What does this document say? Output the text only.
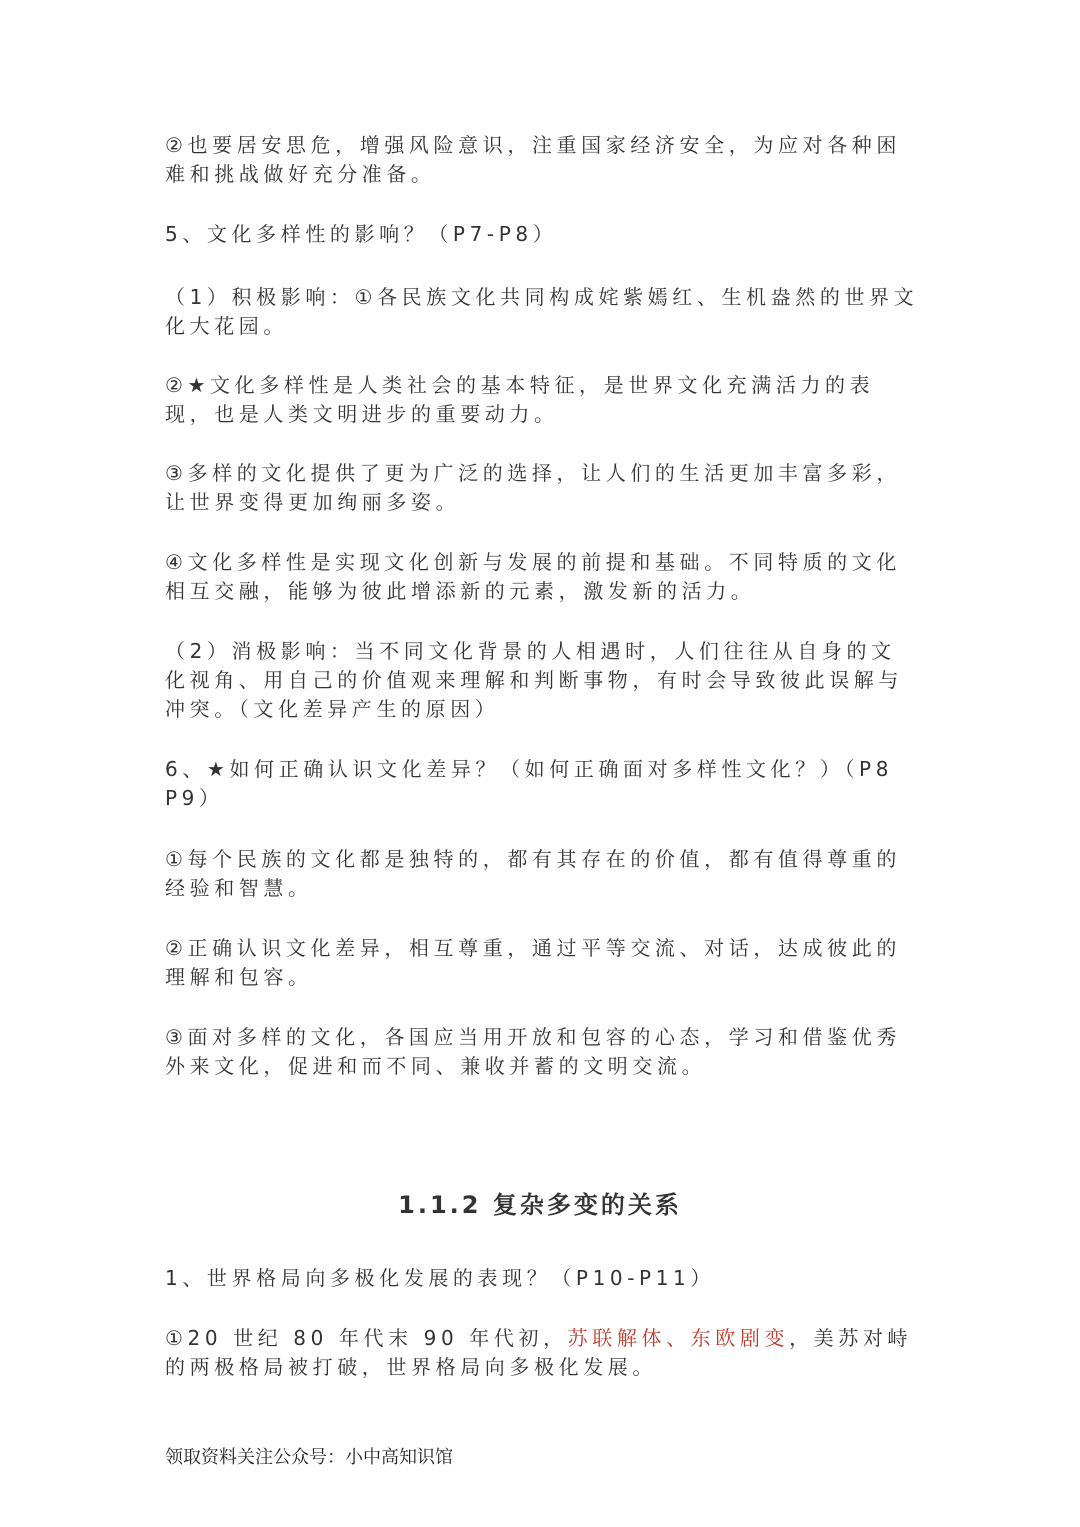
②也要居安思危，增强风险意识，注重国家经济安全，为应对各种困难和挑战做好充分准备。

5、文化多样性的影响？（P7-P8）

（1）积极影响：①各民族文化共同构成姹紫嫣红、生机盎然的世界文化大花园。

②★文化多样性是人类社会的基本特征，是世界文化充满活力的表现，也是人类文明进步的重要动力。

③多样的文化提供了更为广泛的选择，让人们的生活更加丰富多彩，让世界变得更加绚丽多姿。

④文化多样性是实现文化创新与发展的前提和基础。不同特质的文化相互交融，能够为彼此增添新的元素，激发新的活力。

（2）消极影响：当不同文化背景的人相遇时，人们往往从自身的文化视角、用自己的价值观来理解和判断事物，有时会导致彼此误解与冲突。（文化差异产生的原因）

6、★如何正确认识文化差异？（如何正确面对多样性文化？）（P8 P9）

①每个民族的文化都是独特的，都有其存在的价值，都有值得尊重的经验和智慧。

②正确认识文化差异，相互尊重，通过平等交流、对话，达成彼此的理解和包容。

③面对多样的文化，各国应当用开放和包容的心态，学习和借鉴优秀外来文化，促进和而不同、兼收并蓄的文明交流。

1.1.2 复杂多变的关系

1、世界格局向多极化发展的表现？（P10-P11）

①20 世纪 80 年代末 90 年代初，苏联解体、东欧剧变，美苏对峙的两极格局被打破，世界格局向多极化发展。

领取资料关注公众号：小中高知识馆
